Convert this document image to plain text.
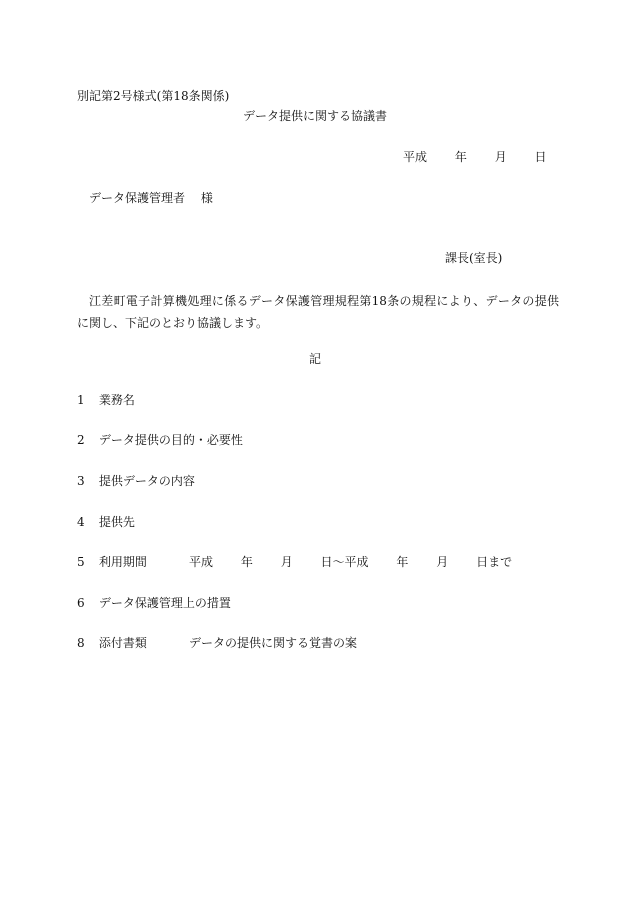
別記第2号様式(第18条関係)
データ提供に関する協議書
平成 年 月 日
データ保護管理者 様
課長(室長)
江差町電子計算機処理に係るデータ保護管理規程第18条の規程により、データの提供に関し、下記のとおり協議します。
記
1 業務名
2 データ提供の目的・必要性
3 提供データの内容
4 提供先
5 利用期間	平成 年 月 日～平成 年 月 日まで
6 データ保護管理上の措置
8 添付書類	データの提供に関する覚書の案
